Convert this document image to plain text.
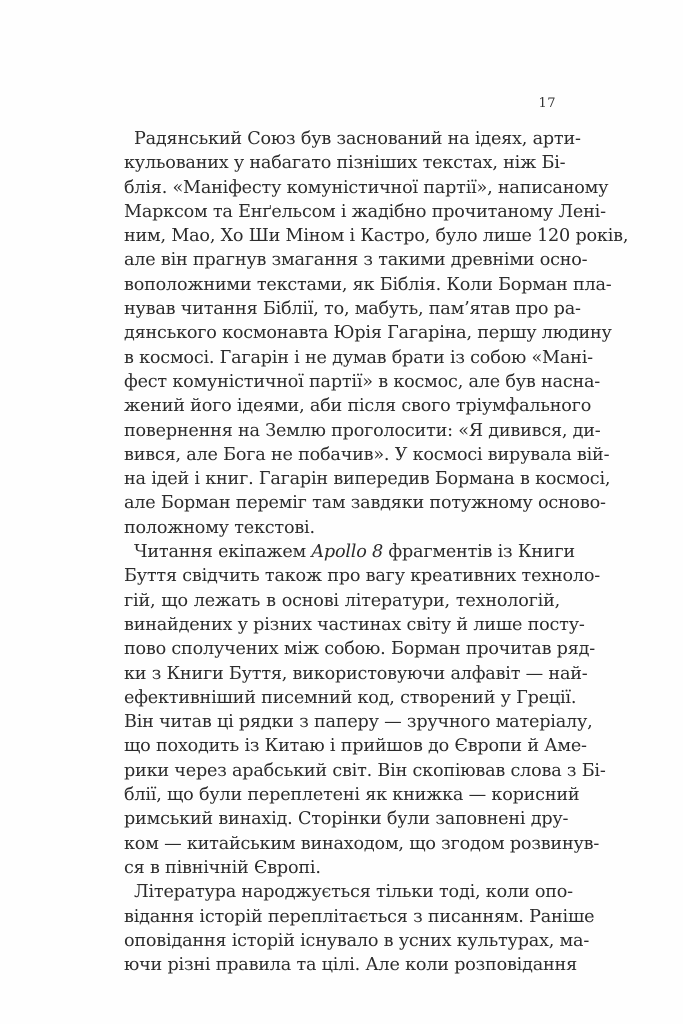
17
Радянський Союз був заснований на ідеях, арти-
кульованих у набагато пізніших текстах, ніж Бі-
блія. «Маніфесту комуністичної партії», написаному
Марксом та Енґельсом і жадібно прочитаному Лені-
ним, Мао, Хо Ши Міном і Кастро, було лише 120 років,
але він прагнув змагання з такими древніми осно-
воположними текстами, як Біблія. Коли Борман пла-
нував читання Біблії, то, мабуть, пам’ятав про ра-
дянського космонавта Юрія Гагаріна, першу людину
в космосі. Гагарін і не думав брати із собою «Мані-
фест комуністичної партії» в космос, але був насна-
жений його ідеями, аби після свого тріумфального
повернення на Землю проголосити: «Я дивився, ди-
вився, але Бога не побачив». У космосі вирувала вій-
на ідей і книг. Гагарін випередив Бормана в космосі,
але Борман переміг там завдяки потужному осново-
положному текстові.
Читання екіпажем Apollo 8 фрагментів із Книги
Буття свідчить також про вагу креативних техноло-
гій, що лежать в основі літератури, технологій,
винайдених у різних частинах світу й лише посту-
пово сполучених між собою. Борман прочитав ряд-
ки з Книги Буття, використовуючи алфавіт — най-
ефективніший писемний код, створений у Греції.
Він читав ці рядки з паперу — зручного матеріалу,
що походить із Китаю і прийшов до Європи й Аме-
рики через арабський світ. Він скопіював слова з Бі-
блії, що були переплетені як книжка — корисний
римський винахід. Сторінки були заповнені дру-
ком — китайським винаходом, що згодом розвинув-
ся в північній Європі.
Література народжується тільки тоді, коли опо-
відання історій переплітається з писанням. Раніше
оповідання історій існувало в усних культурах, ма-
ючи різні правила та цілі. Але коли розповідання
